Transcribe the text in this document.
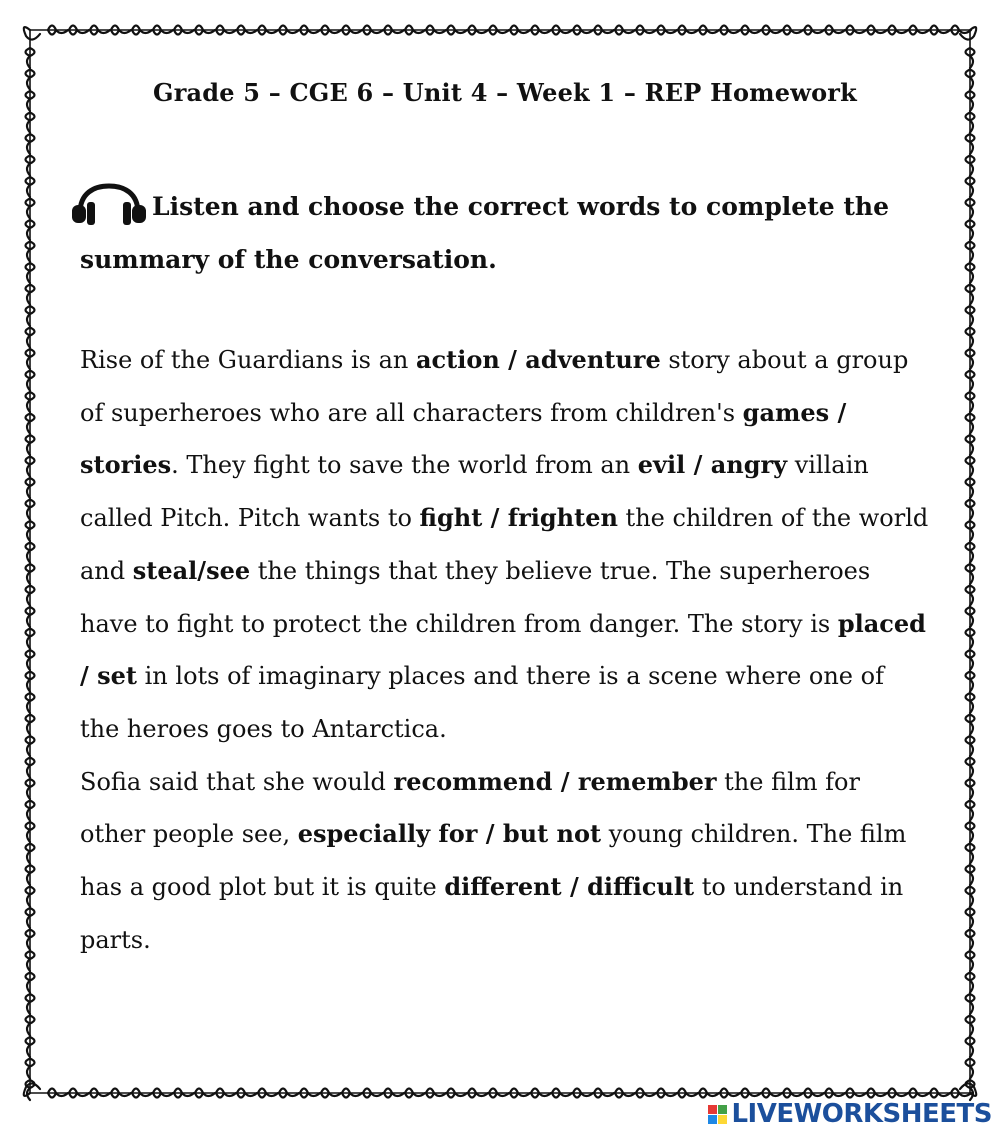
Grade 5 – CGE 6 – Unit 4 – Week 1 – REP Homework
Listen and choose the correct words to complete the summary of the conversation.

Rise of the Guardians is an action / adventure story about a group of superheroes who are all characters from children's games / stories. They fight to save the world from an evil / angry villain called Pitch. Pitch wants to fight / frighten the children of the world and steal/see the things that they believe true. The superheroes have to fight to protect the children from danger. The story is placed / set in lots of imaginary places and there is a scene where one of the heroes goes to Antarctica.

Sofia said that she would recommend / remember the film for other people see, especially for / but not young children. The film has a good plot but it is quite different / difficult to understand in parts.

LIVEWORKSHEETS
